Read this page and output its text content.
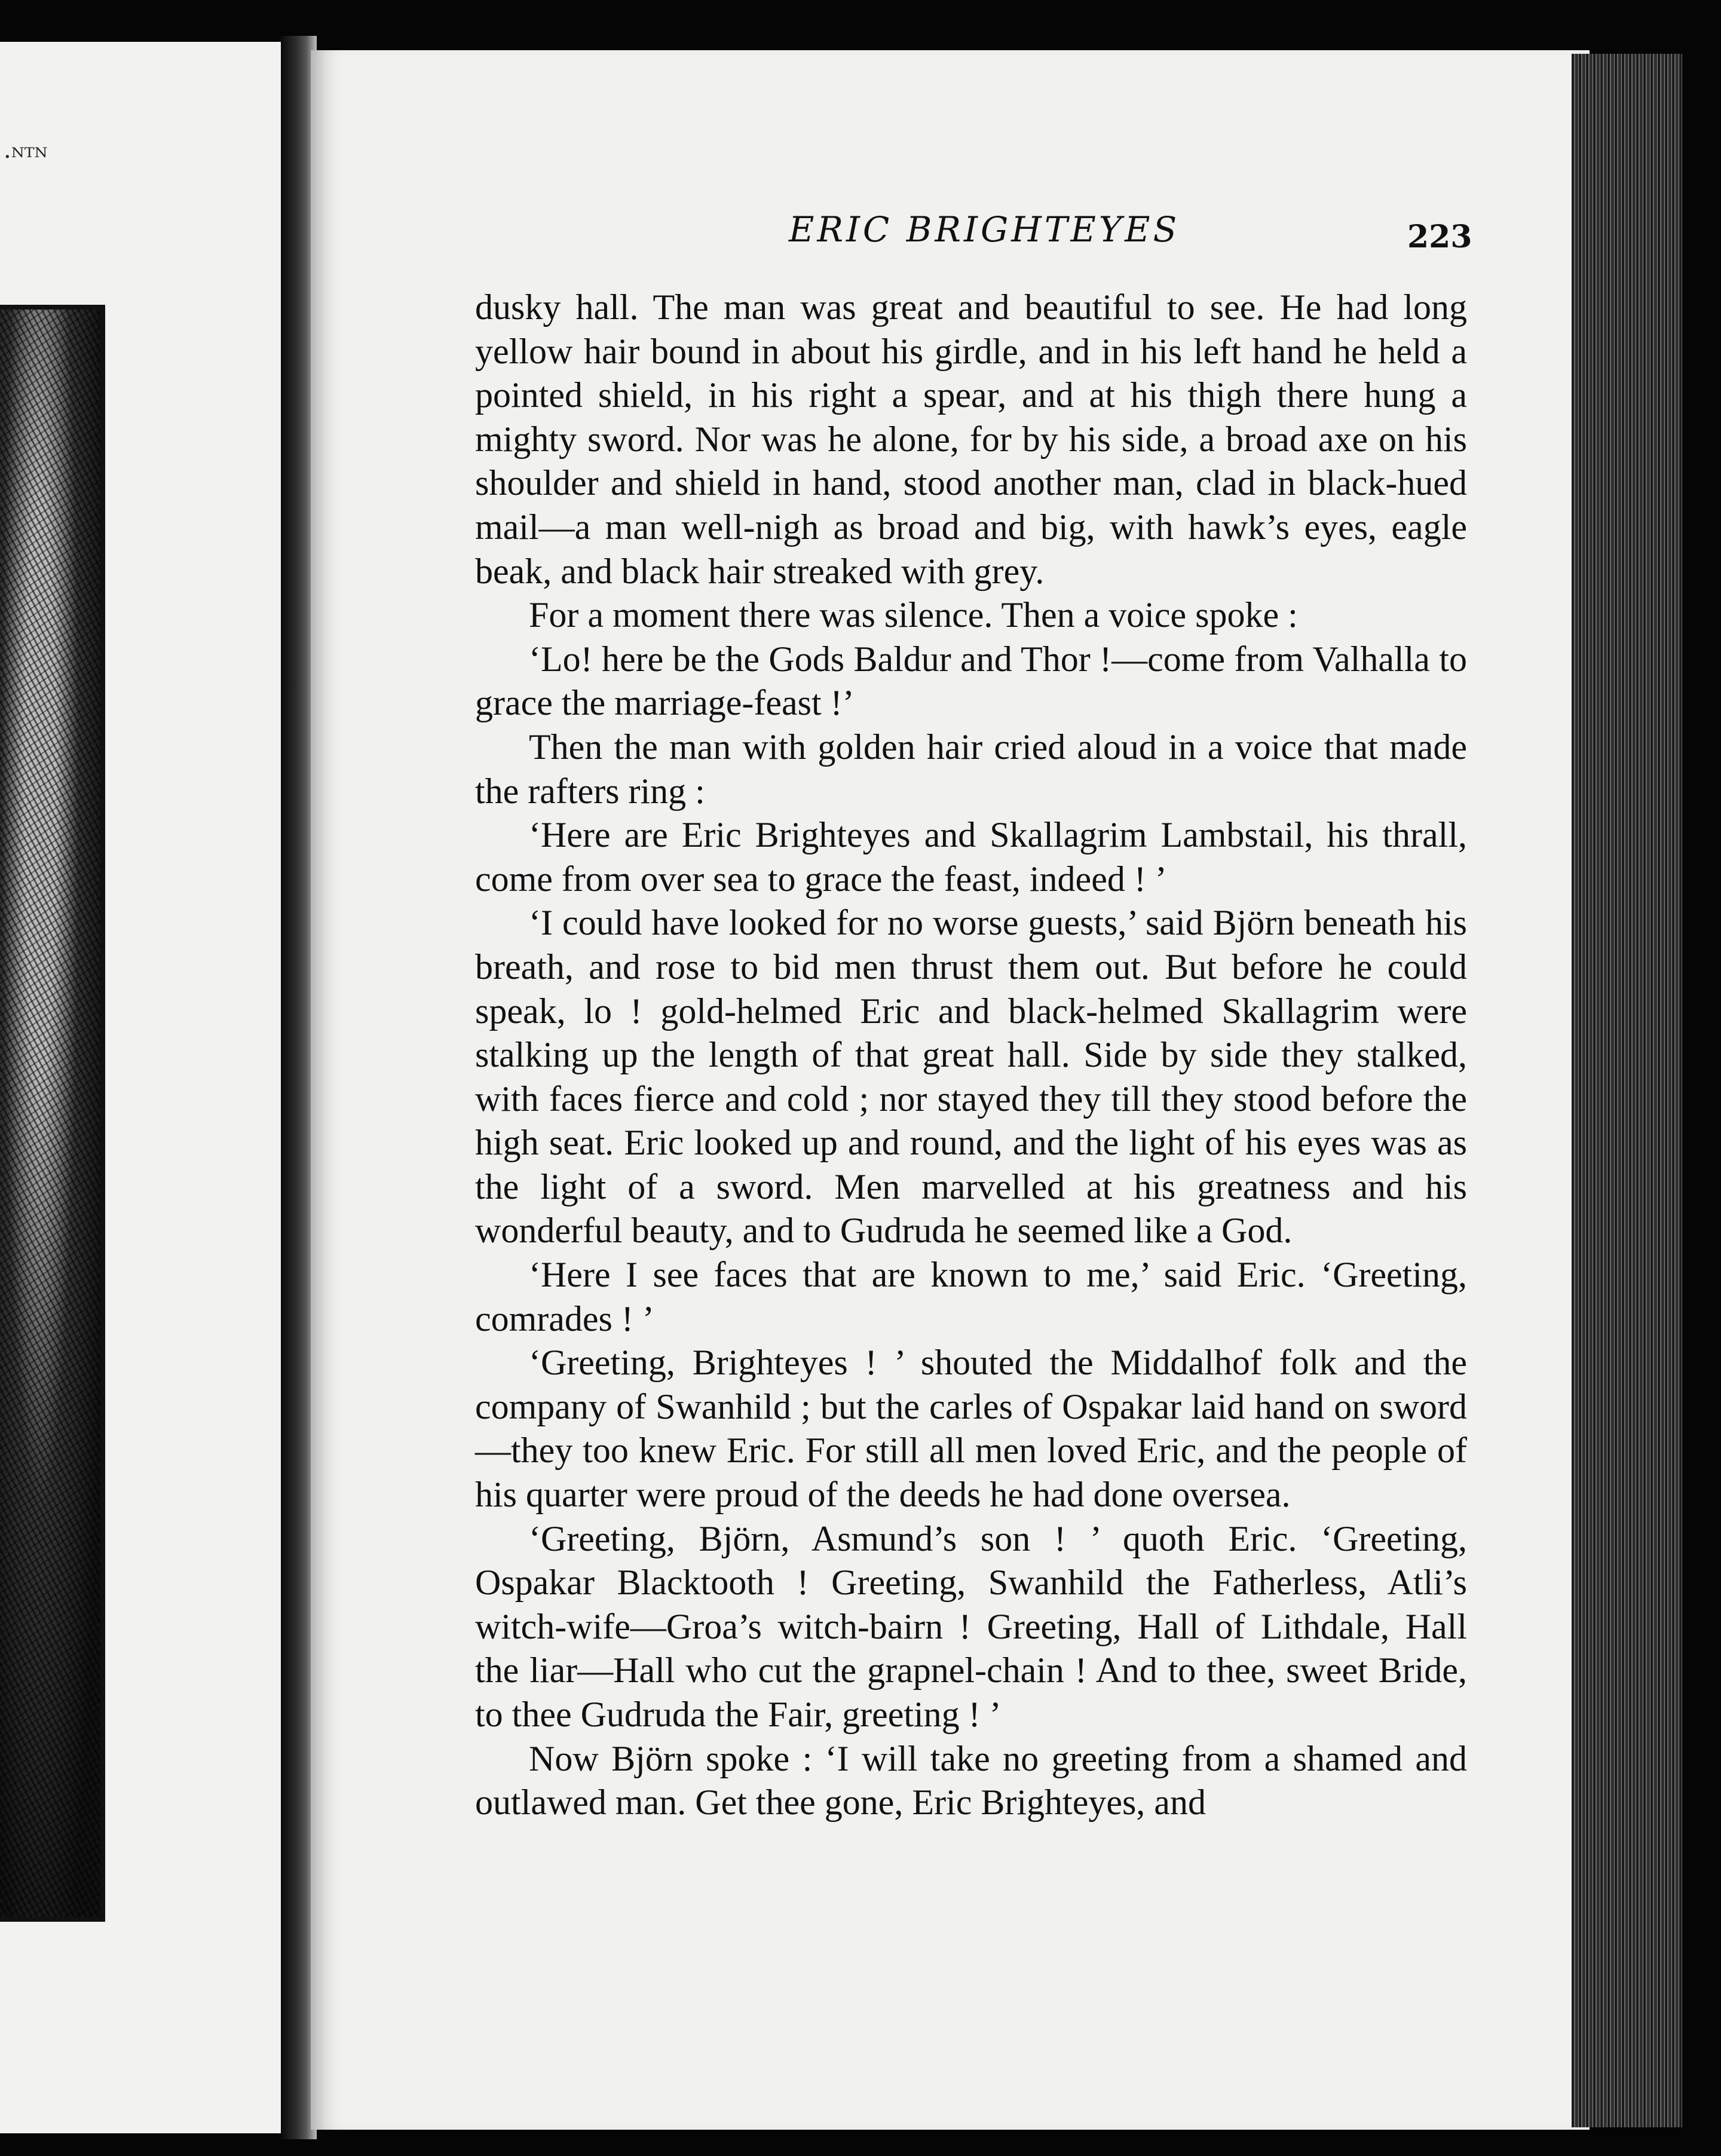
·ᴺᵀᴺ
ERIC BRIGHTEYES	223

dusky hall. The man was great and beautiful to see. He had long yellow hair bound in about his girdle, and in his left hand he held a pointed shield, in his right a spear, and at his thigh there hung a mighty sword. Nor was he alone, for by his side, a broad axe on his shoulder and shield in hand, stood another man, clad in black-hued mail—a man well-nigh as broad and big, with hawk’s eyes, eagle beak, and black hair streaked with grey.

For a moment there was silence. Then a voice spoke :

‘Lo! here be the Gods Baldur and Thor !—come from Valhalla to grace the marriage-feast !’

Then the man with golden hair cried aloud in a voice that made the rafters ring :

‘Here are Eric Brighteyes and Skallagrim Lambstail, his thrall, come from over sea to grace the feast, indeed ! ’

‘I could have looked for no worse guests,’ said Björn beneath his breath, and rose to bid men thrust them out. But before he could speak, lo ! gold-helmed Eric and black-helmed Skallagrim were stalking up the length of that great hall. Side by side they stalked, with faces fierce and cold ; nor stayed they till they stood before the high seat. Eric looked up and round, and the light of his eyes was as the light of a sword. Men marvelled at his greatness and his wonderful beauty, and to Gudruda he seemed like a God.

‘Here I see faces that are known to me,’ said Eric. ‘Greeting, comrades ! ’

‘Greeting, Brighteyes ! ’ shouted the Middalhof folk and the company of Swanhild ; but the carles of Ospakar laid hand on sword—they too knew Eric. For still all men loved Eric, and the people of his quarter were proud of the deeds he had done oversea.

‘Greeting, Björn, Asmund’s son ! ’ quoth Eric. ‘Greeting, Ospakar Blacktooth ! Greeting, Swanhild the Fatherless, Atli’s witch-wife—Groa’s witch-bairn ! Greeting, Hall of Lithdale, Hall the liar—Hall who cut the grapnel-chain ! And to thee, sweet Bride, to thee Gudruda the Fair, greeting ! ’

Now Björn spoke : ‘I will take no greeting from a shamed and outlawed man. Get thee gone, Eric Brighteyes, and
